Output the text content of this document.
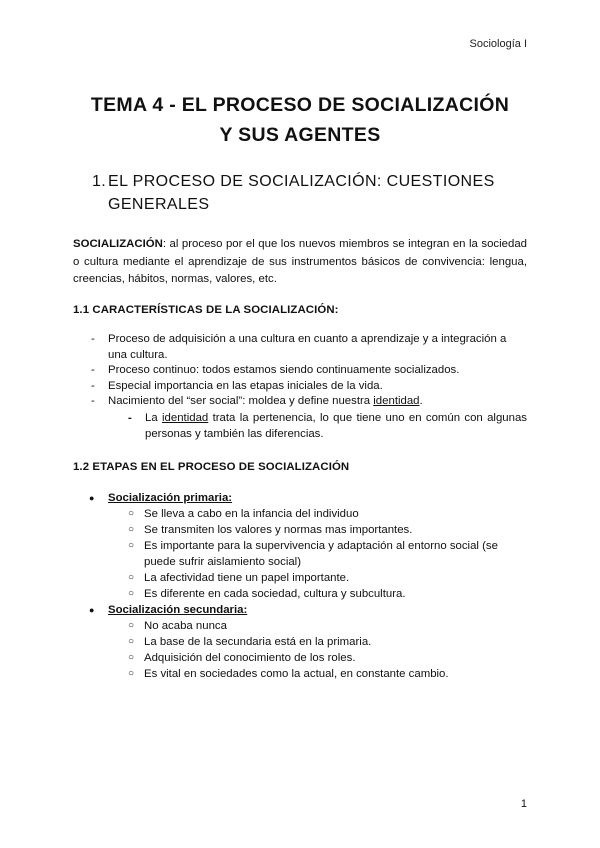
Sociología I
TEMA 4 - EL PROCESO DE SOCIALIZACIÓN
Y SUS AGENTES
1. EL PROCESO DE SOCIALIZACIÓN: CUESTIONES
GENERALES
SOCIALIZACIÓN: al proceso por el que los nuevos miembros se integran en la sociedad o cultura mediante el aprendizaje de sus instrumentos básicos de convivencia: lengua, creencias, hábitos, normas, valores, etc.
1.1 CARACTERÍSTICAS DE LA SOCIALIZACIÓN:
- Proceso de adquisición a una cultura en cuanto a aprendizaje y a integración a una cultura.
- Proceso continuo: todos estamos siendo continuamente socializados.
- Especial importancia en las etapas iniciales de la vida.
- Nacimiento del “ser social”: moldea y define nuestra identidad.
- La identidad trata la pertenencia, lo que tiene uno en común con algunas personas y también las diferencias.
1.2 ETAPAS EN EL PROCESO DE SOCIALIZACIÓN
● Socialización primaria:
○ Se lleva a cabo en la infancia del individuo
○ Se transmiten los valores y normas mas importantes.
○ Es importante para la supervivencia y adaptación al entorno social (se puede sufrir aislamiento social)
○ La afectividad tiene un papel importante.
○ Es diferente en cada sociedad, cultura y subcultura.
● Socialización secundaria:
○ No acaba nunca
○ La base de la secundaria está en la primaria.
○ Adquisición del conocimiento de los roles.
○ Es vital en sociedades como la actual, en constante cambio.
1
